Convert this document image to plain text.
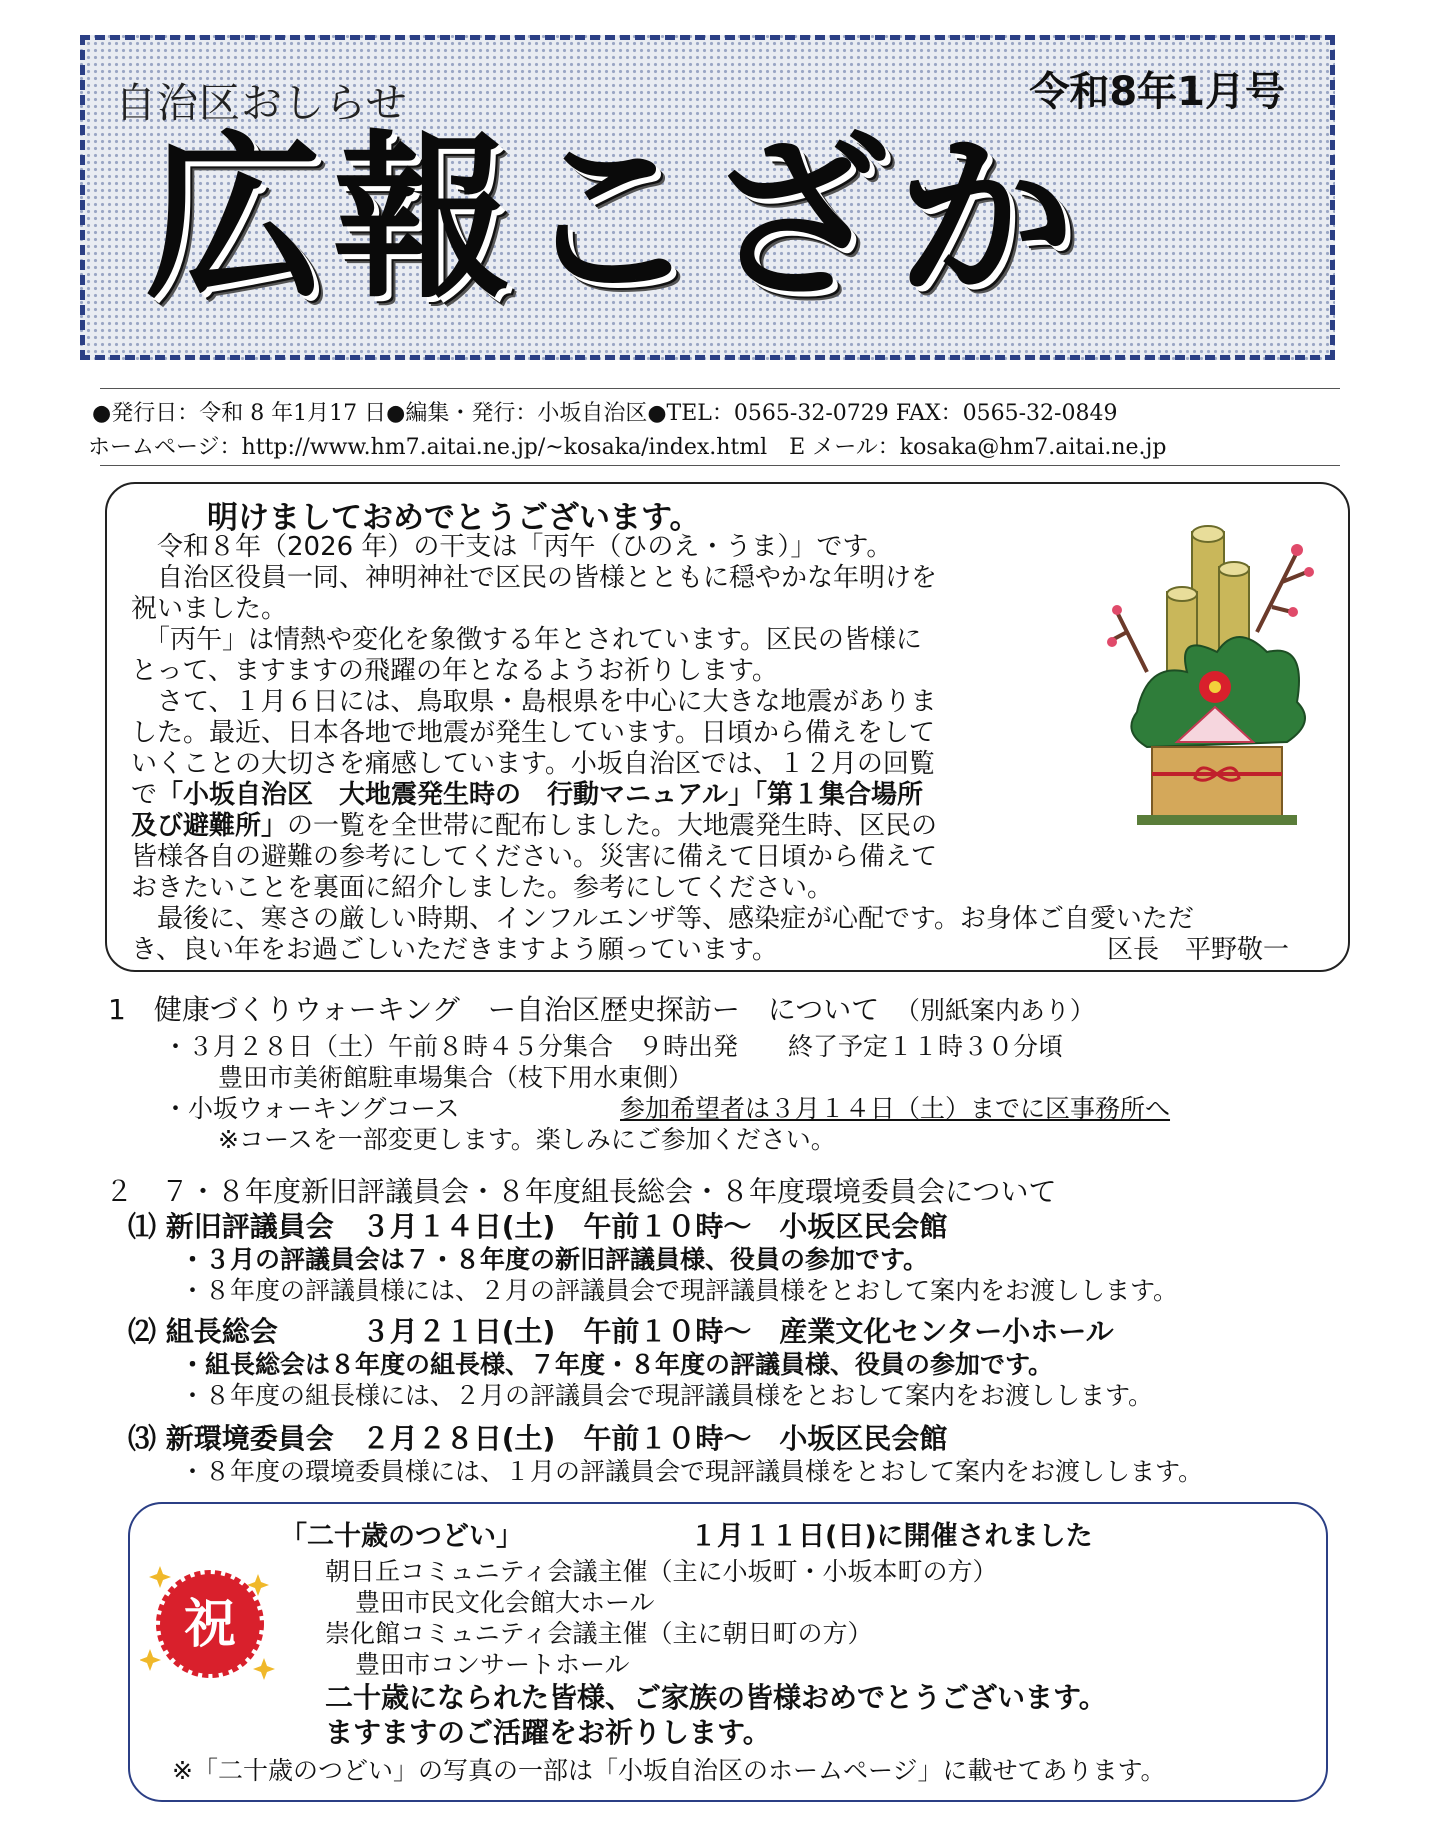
自治区おしらせ	令和8年1月号
広報こざか
●発行日：令和 8 年1月17 日●編集・発行：小坂自治区●TEL：0565-32-0729 FAX：0565-32-0849
ホームページ：http://www.hm7.aitai.ne.jp/~kosaka/index.html　E メール：kosaka@hm7.aitai.ne.jp
明けましておめでとうございます。
　令和８年（2026 年）の干支は「丙午（ひのえ・うま）」です。
　自治区役員一同、神明神社で区民の皆様とともに穏やかな年明けを
祝いました。
　「丙午」は情熱や変化を象徴する年とされています。区民の皆様に
とって、ますますの飛躍の年となるようお祈りします。
　さて、１月６日には、鳥取県・島根県を中心に大きな地震がありま
した。最近、日本各地で地震が発生しています。日頃から備えをして
いくことの大切さを痛感しています。小坂自治区では、１２月の回覧
で「小坂自治区　大地震発生時の　行動マニュアル」「第１集合場所
及び避難所」の一覧を全世帯に配布しました。大地震発生時、区民の
皆様各自の避難の参考にしてください。災害に備えて日頃から備えて
おきたいことを裏面に紹介しました。参考にしてください。
　最後に、寒さの厳しい時期、インフルエンザ等、感染症が心配です。お身体ご自愛いただ
き、良い年をお過ごしいただきますよう願っています。	区長　平野敬一
1　健康づくりウォーキング　ー自治区歴史探訪ー　について　 （別紙案内あり）
・３月２８日（土）午前８時４５分集合　９時出発　　終了予定１１時３０分頃
豊田市美術館駐車場集合（枝下用水東側）
・小坂ウォーキングコース	参加希望者は３月１４日（土）までに区事務所へ
※コースを一部変更します。楽しみにご参加ください。
２　７・８年度新旧評議員会・８年度組長総会・８年度環境委員会について
⑴ 新旧評議員会　３月１４日(土)　午前１０時～　小坂区民会館
・３月の評議員会は７・８年度の新旧評議員様、役員の参加です。
・８年度の評議員様には、２月の評議員会で現評議員様をとおして案内をお渡しします。
⑵ 組長総会　　　３月２１日(土)　午前１０時～　産業文化センター小ホール
・組長総会は８年度の組長様、７年度・８年度の評議員様、役員の参加です。
・８年度の組長様には、２月の評議員会で現評議員様をとおして案内をお渡しします。
⑶ 新環境委員会　２月２８日(土)　午前１０時～　小坂区民会館
・８年度の環境委員様には、１月の評議員会で現評議員様をとおして案内をお渡しします。
「二十歳のつどい」	１月１１日(日)に開催されました
朝日丘コミュニティ会議主催（主に小坂町・小坂本町の方）
豊田市民文化会館大ホール
崇化館コミュニティ会議主催（主に朝日町の方）
豊田市コンサートホール
二十歳になられた皆様、ご家族の皆様おめでとうございます。
ますますのご活躍をお祈りします。
※「二十歳のつどい」の写真の一部は「小坂自治区のホームページ」に載せてあります。
祝
